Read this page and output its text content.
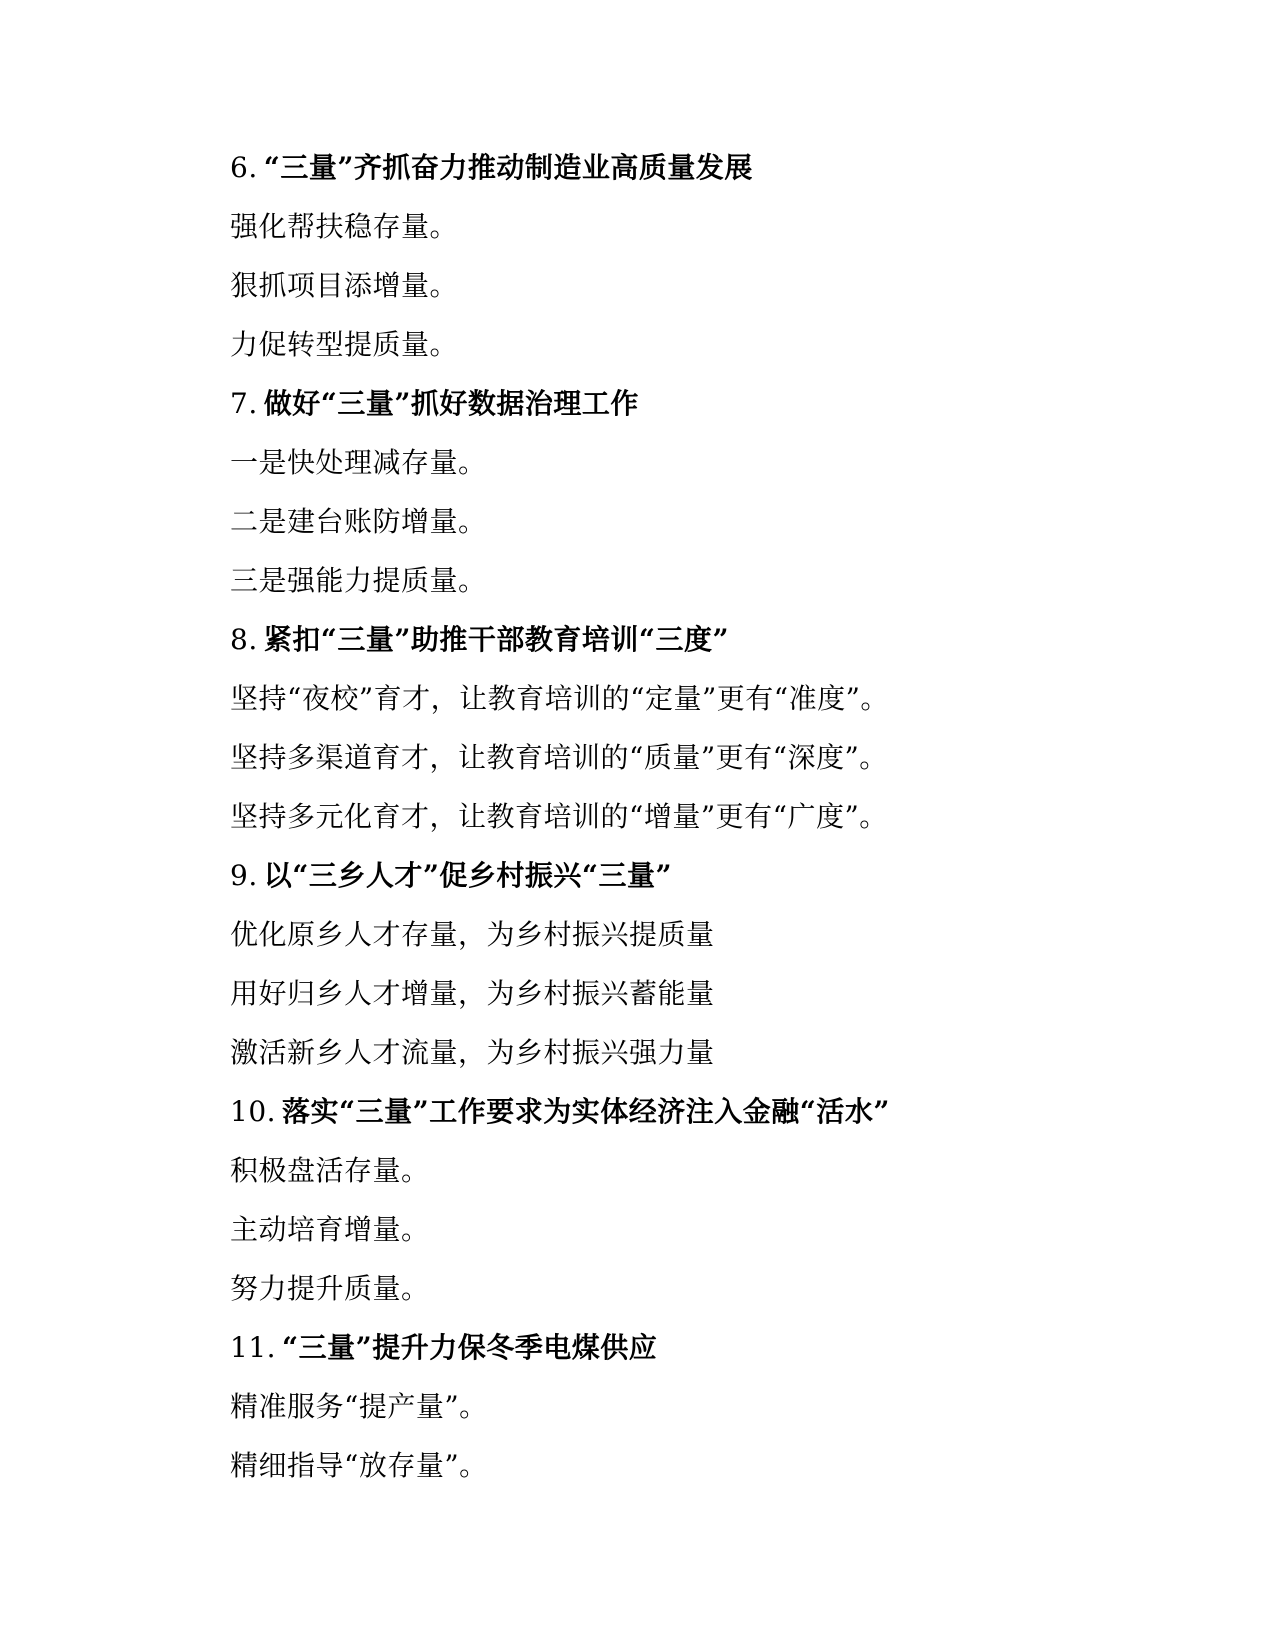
6. “三量”齐抓奋力推动制造业高质量发展
强化帮扶稳存量。
狠抓项目添增量。
力促转型提质量。
7. 做好“三量”抓好数据治理工作
一是快处理减存量。
二是建台账防增量。
三是强能力提质量。
8. 紧扣“三量”助推干部教育培训“三度”
坚持“夜校”育才，让教育培训的“定量”更有“准度”。
坚持多渠道育才，让教育培训的“质量”更有“深度”。
坚持多元化育才，让教育培训的“增量”更有“广度”。
9. 以“三乡人才”促乡村振兴“三量”
优化原乡人才存量，为乡村振兴提质量
用好归乡人才增量，为乡村振兴蓄能量
激活新乡人才流量，为乡村振兴强力量
10. 落实“三量”工作要求为实体经济注入金融“活水”
积极盘活存量。
主动培育增量。
努力提升质量。
11. “三量”提升力保冬季电煤供应
精准服务“提产量”。
精细指导“放存量”。
